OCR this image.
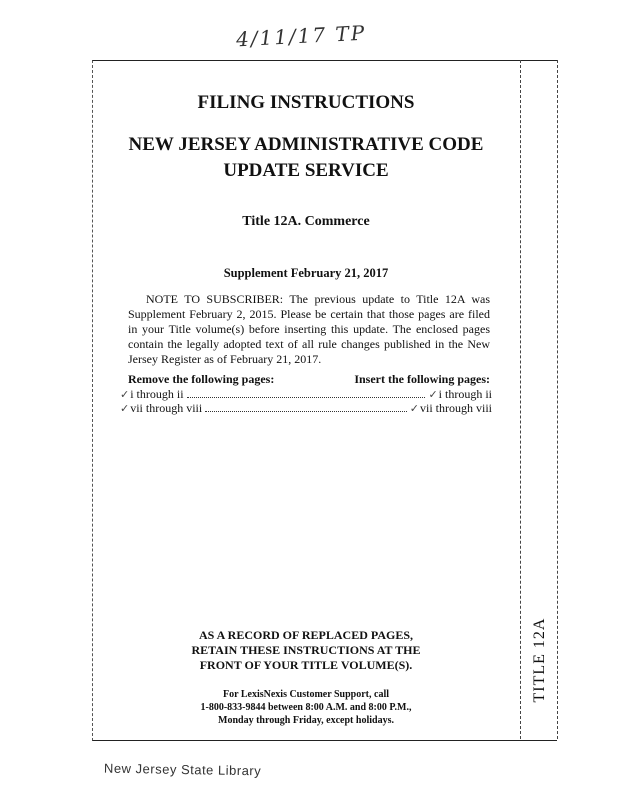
4/11/17 TP
TITLE 12A
FILING INSTRUCTIONS
NEW JERSEY ADMINISTRATIVE CODE
UPDATE SERVICE
Title 12A. Commerce
Supplement February 21, 2017
NOTE TO SUBSCRIBER: The previous update to Title 12A was Supplement February 2, 2015. Please be certain that those pages are filed in your Title volume(s) before inserting this update. The enclosed pages contain the legally adopted text of all rule changes published in the New Jersey Register as of February 21, 2017.
Remove the following pages:	Insert the following pages:
✓ i through ii	✓ i through ii
✓ vii through viii	✓ vii through viii
AS A RECORD OF REPLACED PAGES,
RETAIN THESE INSTRUCTIONS AT THE
FRONT OF YOUR TITLE VOLUME(S).
For LexisNexis Customer Support, call
1-800-833-9844 between 8:00 A.M. and 8:00 P.M.,
Monday through Friday, except holidays.
New Jersey State Library
